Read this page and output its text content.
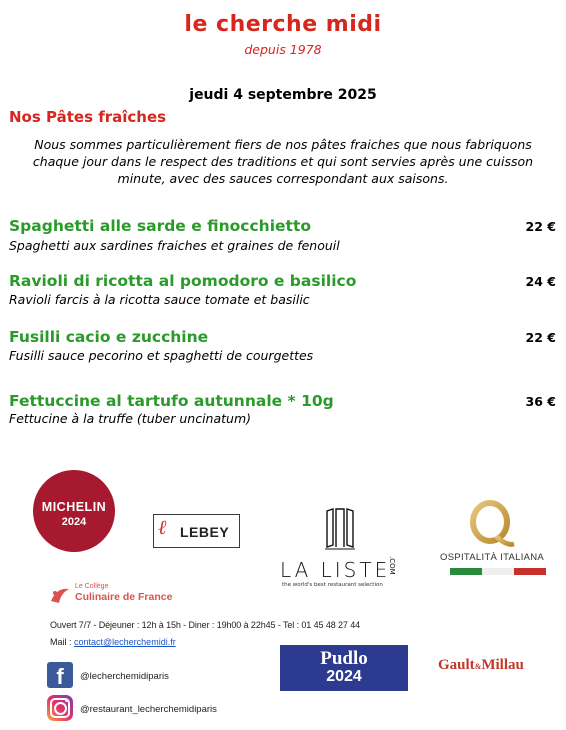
le cherche midi
depuis 1978
jeudi 4 septembre 2025
Nos Pâtes fraîches
Nous sommes particulièrement fiers de nos pâtes fraiches que nous fabriquons
chaque jour dans le respect des traditions et qui sont servies après une cuisson
minute, avec des sauces correspondant aux saisons.
Spaghetti alle sarde e finocchietto	22 €
Spaghetti aux sardines fraiches et graines de fenouil
Ravioli di ricotta al pomodoro e basilico	24 €
Ravioli farcis à la ricotta sauce tomate et basilic
Fusilli cacio e zucchine	22 €
Fusilli sauce pecorino et spaghetti de courgettes
Fettuccine al tartufo autunnale * 10g	36 €
Fettucine à la truffe (tuber uncinatum)
MICHELIN
2024	ℓ LEBEY
LA LISTE
.COM
the world's best restaurant selection
OSPITALITÀ ITALIANA
Le Collège
Culinaire de France
Ouvert 7/7 - Déjeuner : 12h à 15h - Diner : 19h00 à 22h45 - Tel : 01 45 48 27 44
Mail : contact@lecherchemidi.fr
f	@lecherchemidiparis
@restaurant_lecherchemidiparis
Pudlo
2024
Gault&Millau
